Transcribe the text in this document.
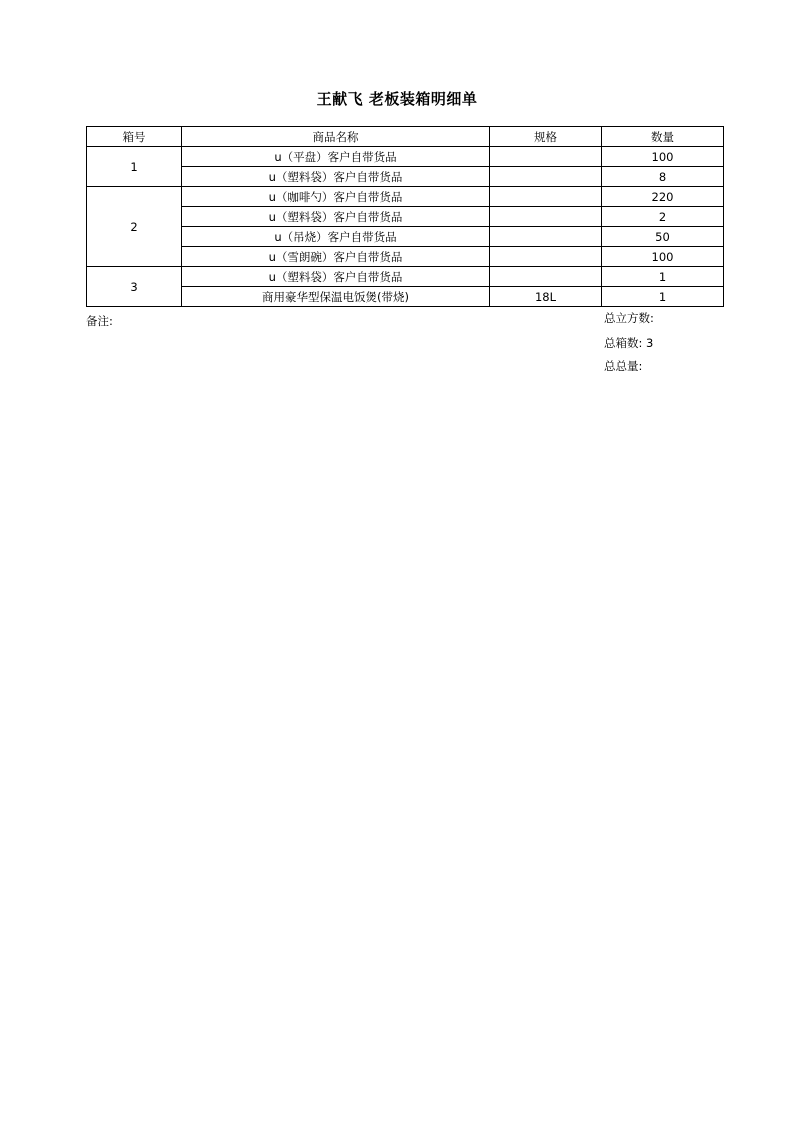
王献飞 老板装箱明细单
箱号	商品名称	规格	数量
1	u（平盘）客户自带货品		100
	u（塑料袋）客户自带货品		8
2	u（咖啡勺）客户自带货品		220
	u（塑料袋）客户自带货品		2
	u（吊烧）客户自带货品		50
	u（雪朗碗）客户自带货品		100
3	u（塑料袋）客户自带货品		1
	商用豪华型保温电饭煲(带烧)	18L	1
备注:	总立方数:
总箱数: 3
总总量:
